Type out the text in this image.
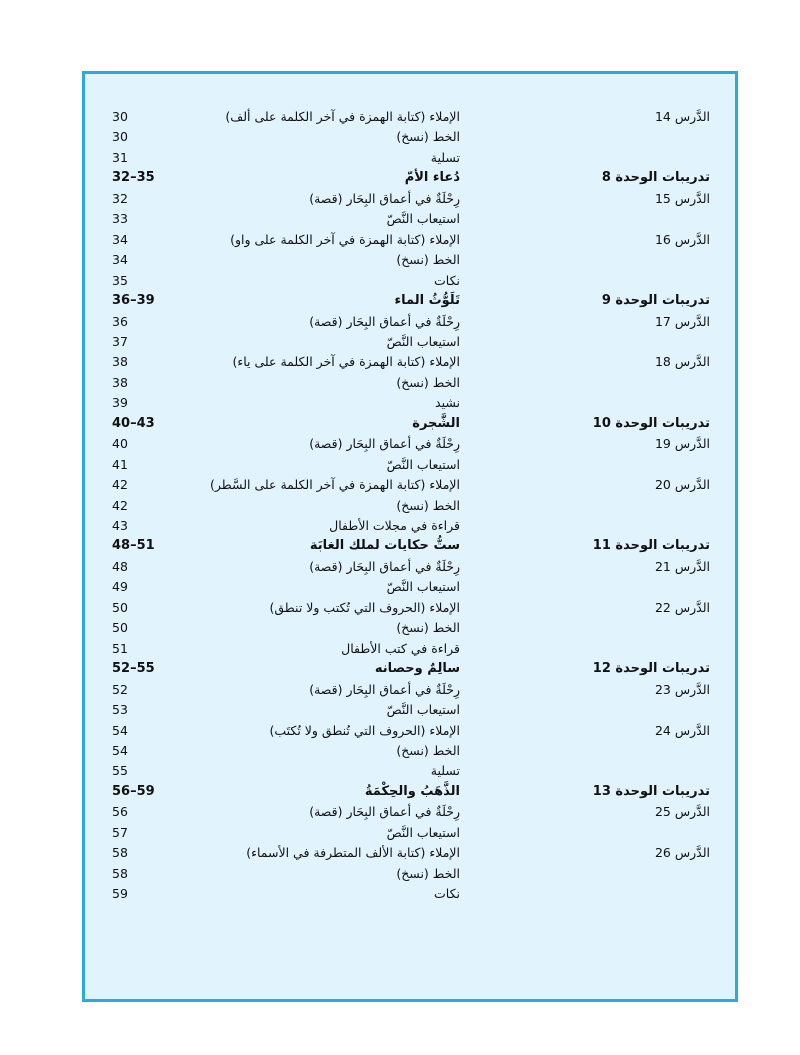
الدَّرس 14
الإملاء (كتابة الهمزة في آخر الكلمة على ألف)
30
الخط (نسخ)
30
تسلية
31
تدريبات الوحدة 8
دُعاء الأمّ
32–35
الدَّرس 15
رِحْلَةٌ في أعماق البِحَار (قصة)
32
استيعاب النَّصّ
33
الدَّرس 16
الإملاء (كتابة الهمزة في آخر الكلمة على واو)
34
الخط (نسخ)
34
نكات
35
تدريبات الوحدة 9
تَلَوُّثُ الماء
36–39
الدَّرس 17
رِحْلَةٌ في أعماق البِحَار (قصة)
36
استيعاب النَّصّ
37
الدَّرس 18
الإملاء (كتابة الهمزة في آخر الكلمة على ياء)
38
الخط (نسخ)
38
نشيد
39
تدريبات الوحدة 10
الشَّجرة
40–43
الدَّرس 19
رِحْلَةٌ في أعماق البِحَار (قصة)
40
استيعاب النَّصّ
41
الدَّرس 20
الإملاء (كتابة الهمزة في آخر الكلمة على السَّطر)
42
الخط (نسخ)
42
قراءة في مجلات الأطفال
43
تدريبات الوحدة 11
ستُّ حكايات لملك الغابَة
48–51
الدَّرس 21
رِحْلَةٌ في أعماق البِحَار (قصة)
48
استيعاب النَّصّ
49
الدَّرس 22
الإملاء (الحروف التي تُكتب ولا تنطق)
50
الخط (نسخ)
50
قراءة في كتب الأطفال
51
تدريبات الوحدة 12
سالِمٌ وحصانه
52–55
الدَّرس 23
رِحْلَةٌ في أعماق البِحَار (قصة)
52
استيعاب النَّصّ
53
الدَّرس 24
الإملاء (الحروف التي تُنطق ولا تُكتَب)
54
الخط (نسخ)
54
تسلية
55
تدريبات الوحدة 13
الذَّهَبُ والحِكْمَةُ
56–59
الدَّرس 25
رِحْلَةٌ في أعماق البِحَار (قصة)
56
استيعاب النَّصّ
57
الدَّرس 26
الإملاء (كتابة الألف المتطرفة في الأسماء)
58
الخط (نسخ)
58
نكات
59
